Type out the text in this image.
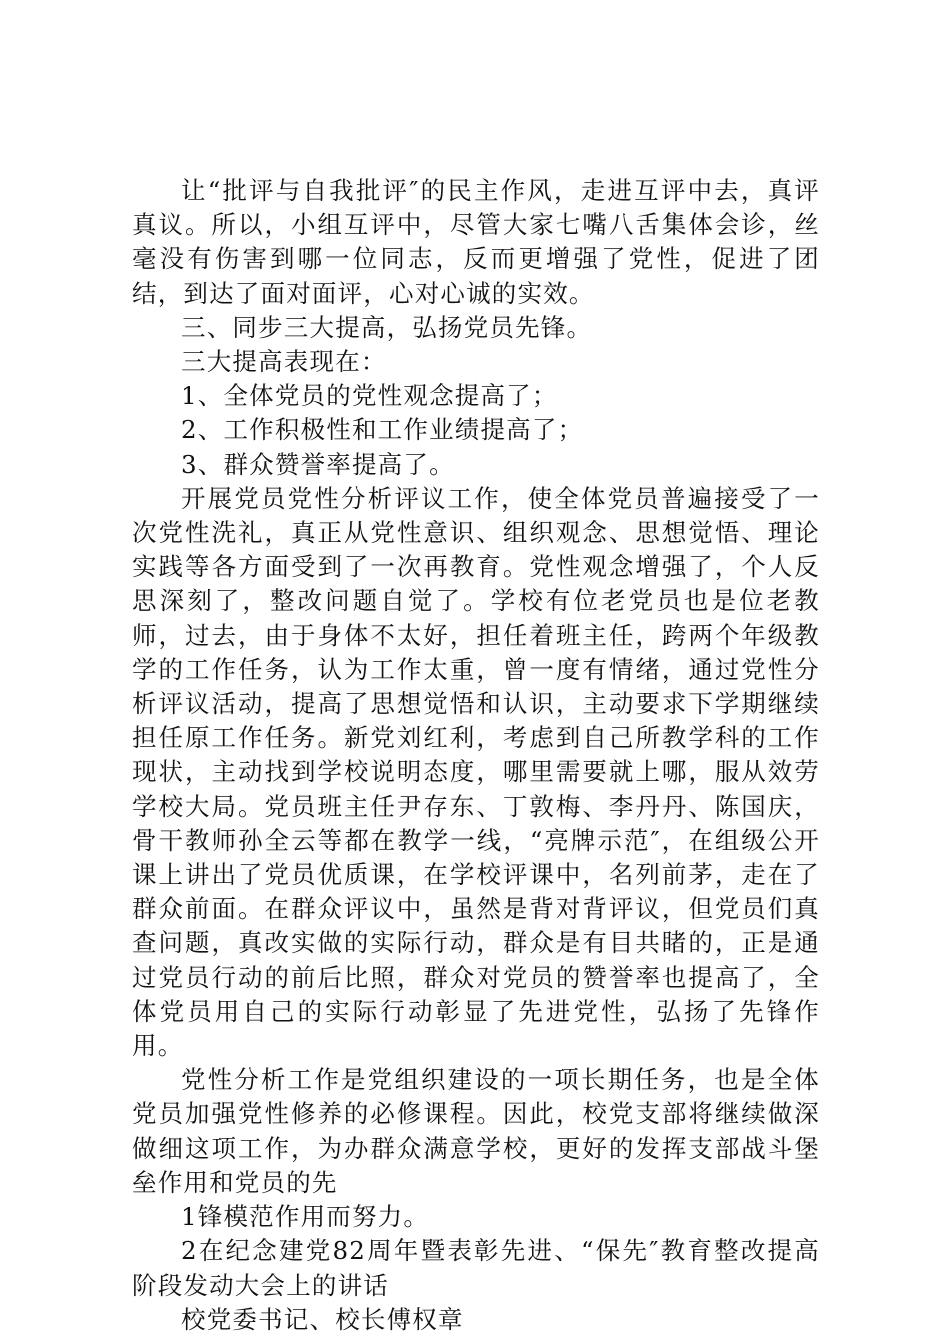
让“批评与自我批评″的民主作风，走进互评中去，真评真议。所以，小组互评中，尽管大家七嘴八舌集体会诊，丝毫没有伤害到哪一位同志，反而更增强了党性，促进了团结，到达了面对面评，心对心诚的实效。

三、同步三大提高，弘扬党员先锋。

三大提高表现在：

1、全体党员的党性观念提高了；

2、工作积极性和工作业绩提高了；

3、群众赞誉率提高了。

开展党员党性分析评议工作，使全体党员普遍接受了一次党性洗礼，真正从党性意识、组织观念、思想觉悟、理论实践等各方面受到了一次再教育。党性观念增强了，个人反思深刻了，整改问题自觉了。学校有位老党员也是位老教师，过去，由于身体不太好，担任着班主任，跨两个年级教学的工作任务，认为工作太重，曾一度有情绪，通过党性分析评议活动，提高了思想觉悟和认识，主动要求下学期继续担任原工作任务。新党刘红利，考虑到自己所教学科的工作现状，主动找到学校说明态度，哪里需要就上哪，服从效劳学校大局。党员班主任尹存东、丁敦梅、李丹丹、陈国庆，骨干教师孙全云等都在教学一线，“亮牌示范″，在组级公开课上讲出了党员优质课，在学校评课中，名列前茅，走在了群众前面。在群众评议中，虽然是背对背评议，但党员们真查问题，真改实做的实际行动，群众是有目共睹的，正是通过党员行动的前后比照，群众对党员的赞誉率也提高了，全体党员用自己的实际行动彰显了先进党性，弘扬了先锋作用。

党性分析工作是党组织建设的一项长期任务，也是全体党员加强党性修养的必修课程。因此，校党支部将继续做深做细这项工作，为办群众满意学校，更好的发挥支部战斗堡垒作用和党员的先

1锋模范作用而努力。

2在纪念建党82周年暨表彰先进、“保先″教育整改提高阶段发动大会上的讲话

校党委书记、校长傅权章
